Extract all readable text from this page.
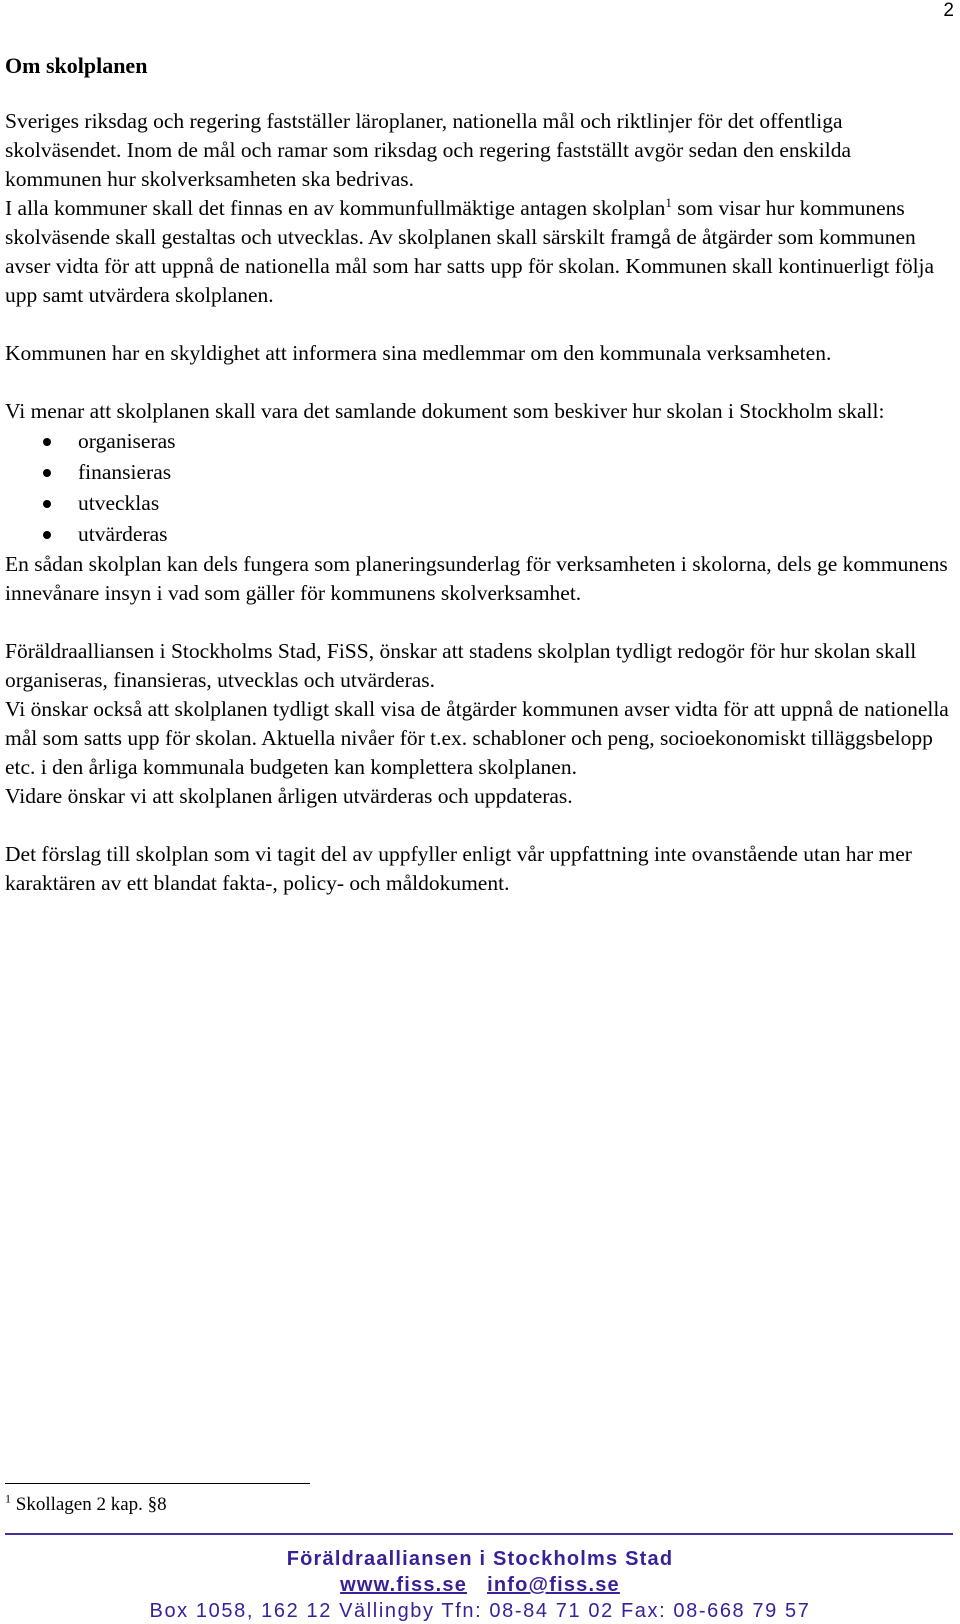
2
Om skolplanen
Sveriges riksdag och regering fastställer läroplaner, nationella mål och riktlinjer för det offentliga skolväsendet. Inom de mål och ramar som riksdag och regering fastställt avgör sedan den enskilda kommunen hur skolverksamheten ska bedrivas.
I alla kommuner skall det finnas en av kommunfullmäktige antagen skolplan$^1$ som visar hur kommunens skolväsende skall gestaltas och utvecklas. Av skolplanen skall särskilt framgå de åtgärder som kommunen avser vidta för att uppnå de nationella mål som har satts upp för skolan. Kommunen skall kontinuerligt följa upp samt utvärdera skolplanen.
Kommunen har en skyldighet att informera sina medlemmar om den kommunala verksamheten.
Vi menar att skolplanen skall vara det samlande dokument som beskiver hur skolan i Stockholm skall:
organiseras
finansieras
utvecklas
utvärderas
En sådan skolplan kan dels fungera som planeringsunderlag för verksamheten i skolorna, dels ge kommunens innevånare insyn i vad som gäller för kommunens skolverksamhet.
Föräldraalliansen i Stockholms Stad, FiSS, önskar att stadens skolplan tydligt redogör för hur skolan skall organiseras, finansieras, utvecklas och utvärderas.
Vi önskar också att skolplanen tydligt skall visa de åtgärder kommunen avser vidta för att uppnå de nationella mål som satts upp för skolan. Aktuella nivåer för t.ex. schabloner och peng, socioekonomiskt tilläggsbelopp etc. i den årliga kommunala budgeten kan komplettera skolplanen.
Vidare önskar vi att skolplanen årligen utvärderas och uppdateras.
Det förslag till skolplan som vi tagit del av uppfyller enligt vår uppfattning inte ovanstående utan har mer karaktären av ett blandat fakta-, policy- och måldokument.
$^1$ Skollagen 2 kap. §8
Föräldraalliansen i Stockholms Stad
www.fiss.se info@fiss.se
Box 1058, 162 12 Vällingby Tfn: 08-84 71 02 Fax: 08-668 79 57
